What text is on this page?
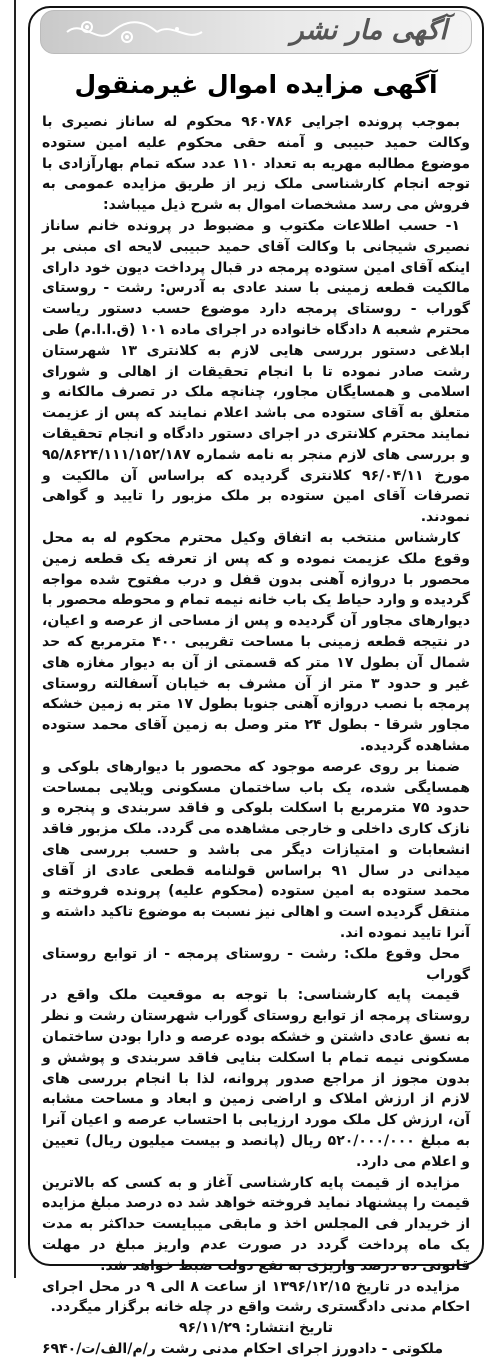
آگهی مار نشر
آگهی مزایده اموال غیرمنقول

بموجب پرونده اجرایی ۹۶۰۷۸۶ محکوم له ساناز نصیری با وکالت حمید حبیبی و آمنه حقی محکوم علیه امین ستوده موضوع مطالبه مهریه به تعداد ۱۱۰ عدد سکه تمام بهارآزادی با توجه انجام کارشناسی ملک زیر از طریق مزایده عمومی به فروش می رسد مشخصات اموال به شرح ذیل میباشد:

۱- حسب اطلاعات مکتوب و مضبوط در پرونده خانم ساناز نصیری شیجانی با وکالت آقای حمید حبیبی لایحه ای مبنی بر اینکه آقای امین ستوده پرمجه در قبال پرداخت دیون خود دارای مالکیت قطعه زمینی با سند عادی به آدرس: رشت - روستای گوراب - روستای پرمجه دارد موضوع حسب دستور ریاست محترم شعبه ۸ دادگاه خانواده در اجرای ماده ۱۰۱ (ق.ا.ا.م) طی ابلاغی دستور بررسی هایی لازم به کلانتری ۱۳ شهرستان رشت صادر نموده تا با انجام تحقیقات از اهالی و شورای اسلامی و همسایگان مجاور، چنانچه ملک در تصرف مالکانه و متعلق به آقای ستوده می باشد اعلام نمایند که پس از عزیمت نمایند محترم کلانتری در اجرای دستور دادگاه و انجام تحقیقات و بررسی های لازم منجر به نامه شماره ۹۵/۸۶۲۴/۱۱۱/۱۵۲/۱۸۷ مورخ ۹۶/۰۴/۱۱ کلانتری گردیده که براساس آن مالکیت و تصرفات آقای امین ستوده بر ملک مزبور را تایید و گواهی نمودند.

کارشناس منتخب به اتفاق وکیل محترم محکوم له به محل وقوع ملک عزیمت نموده و که پس از تعرفه یک قطعه زمین محصور با دروازه آهنی بدون قفل و درب مفتوح شده مواجه گردیده و وارد حیاط یک باب خانه نیمه تمام و محوطه محصور با دیوارهای مجاور آن گردیده و پس از مساحی از عرصه و اعیان، در نتیجه قطعه زمینی با مساحت تقریبی ۴۰۰ مترمربع که حد شمال آن بطول ۱۷ متر که قسمتی از آن به دیوار مغازه های غیر و حدود ۳ متر از آن مشرف به خیابان آسفالته روستای پرمجه با نصب دروازه آهنی جنوبا بطول ۱۷ متر به زمین خشکه مجاور شرقا - بطول ۲۴ متر وصل به زمین آقای محمد ستوده مشاهده گردیده.

ضمنا بر روی عرصه موجود که محصور با دیوارهای بلوکی و همسایگی شده، یک باب ساختمان مسکونی ویلایی بمساحت حدود ۷۵ مترمربع با اسکلت بلوکی و فاقد سربندی و پنجره و نازک کاری داخلی و خارجی مشاهده می گردد. ملک مزبور فاقد انشعابات و امتیازات دیگر می باشد و حسب بررسی های میدانی در سال ۹۱ براساس قولنامه قطعی عادی از آقای محمد ستوده به امین ستوده (محکوم علیه) پرونده فروخته و منتقل گردیده است و اهالی نیز نسبت به موضوع تاکید داشته و آنرا تایید نموده اند.

محل وقوع ملک: رشت - روستای پرمجه - از توابع روستای گوراب

قیمت پایه کارشناسی: با توجه به موقعیت ملک واقع در روستای پرمجه از توابع روستای گوراب شهرستان رشت و نظر به نسق عادی داشتن و خشکه بوده عرصه و دارا بودن ساختمان مسکونی نیمه تمام با اسکلت بنایی فاقد سربندی و پوشش و بدون مجوز از مراجع صدور پروانه، لذا با انجام بررسی های لازم از ارزش املاک و اراضی زمین و ابعاد و مساحت مشابه آن، ارزش کل ملک مورد ارزیابی با احتساب عرصه و اعیان آنرا به مبلغ ۵۲۰/۰۰۰/۰۰۰ ریال (پانصد و بیست میلیون ریال) تعیین و اعلام می دارد.

مزایده از قیمت پایه کارشناسی آغاز و به کسی که بالاترین قیمت را پیشنهاد نماید فروخته خواهد شد ده درصد مبلغ مزایده از خریدار فی المجلس اخذ و مابقی میبایست حداکثر به مدت یک ماه پرداخت گردد در صورت عدم واریز مبلغ در مهلت قانونی ده درصد واریزی به نفع دولت ضبط خواهد شد.

مزایده در تاریخ ۱۳۹۶/۱۲/۱۵ از ساعت ۸ الی ۹ در محل اجرای احکام مدنی دادگستری رشت واقع در چله خانه برگزار میگردد.

تاریخ انتشار: ۹۶/۱۱/۲۹

ملکوتی - دادورز اجرای احکام مدنی رشت ر/م/الف/ت/۶۹۴۰
